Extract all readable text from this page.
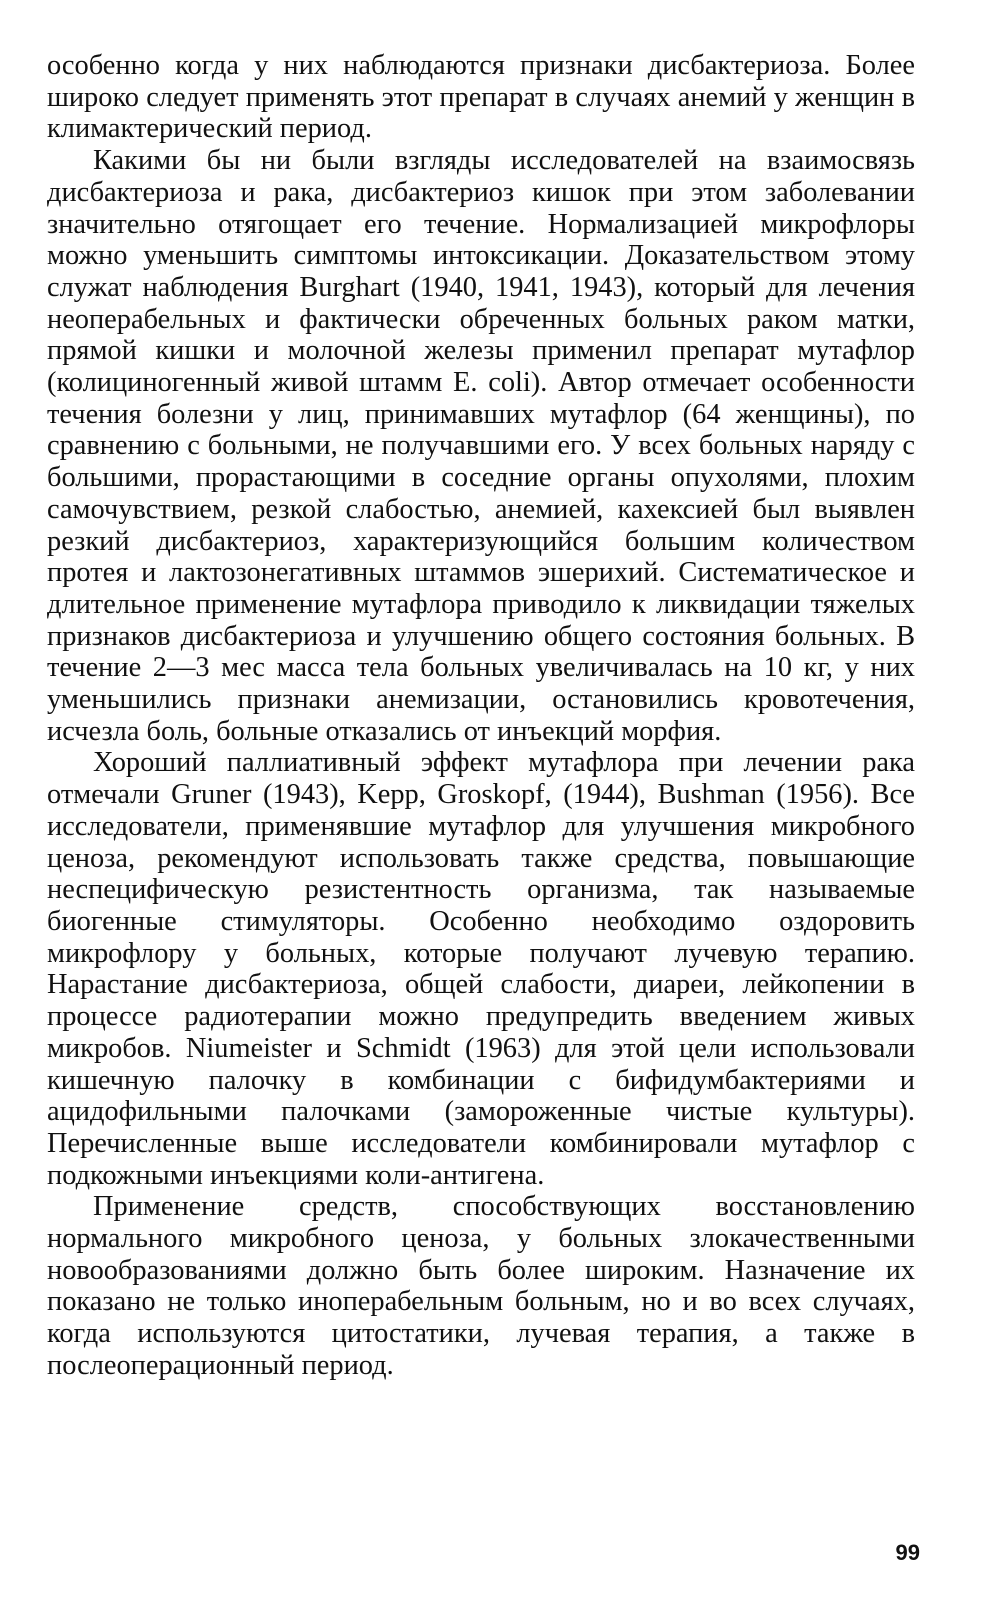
особенно когда у них наблюдаются признаки дисбактериоза. Более широко следует применять этот препарат в случаях анемий у женщин в климактерический период.

Какими бы ни были взгляды исследователей на взаимосвязь дисбактериоза и рака, дисбактериоз кишок при этом заболевании значительно отягощает его течение. Нормализацией микрофлоры можно уменьшить симптомы интоксикации. Доказательством этому служат наблюдения Burghart (1940, 1941, 1943), который для лечения неоперабельных и фактически обреченных больных раком матки, прямой кишки и молочной железы применил препарат мутафлор (колициногенный живой штамм E. coli). Автор отмечает особенности течения болезни у лиц, принимавших мутафлор (64 женщины), по сравнению с больными, не получавшими его. У всех больных наряду с большими, прорастающими в соседние органы опухолями, плохим самочувствием, резкой слабостью, анемией, кахексией был выявлен резкий дисбактериоз, характеризующийся большим количеством протея и лактозонегативных штаммов эшерихий. Систематическое и длительное применение мутафлора приводило к ликвидации тяжелых признаков дисбактериоза и улучшению общего состояния больных. В течение 2—3 мес масса тела больных увеличивалась на 10 кг, у них уменьшились признаки анемизации, остановились кровотечения, исчезла боль, больные отказались от инъекций морфия.

Хороший паллиативный эффект мутафлора при лечении рака отмечали Gruner (1943), Kepp, Groskopf, (1944), Bushman (1956). Все исследователи, применявшие мутафлор для улучшения микробного ценоза, рекомендуют использовать также средства, повышающие неспецифическую резистентность организма, так называемые биогенные стимуляторы. Особенно необходимо оздоровить микрофлору у больных, которые получают лучевую терапию. Нарастание дисбактериоза, общей слабости, диареи, лейкопении в процессе радиотерапии можно предупредить введением живых микробов. Niumeister и Schmidt (1963) для этой цели использовали кишечную палочку в комбинации с бифидумбактериями и ацидофильными палочками (замороженные чистые культуры). Перечисленные выше исследователи комбинировали мутафлор с подкожными инъекциями коли-антигена.

Применение средств, способствующих восстановлению нормального микробного ценоза, у больных злокачественными новообразованиями должно быть более широким. Назначение их показано не только иноперабельным больным, но и во всех случаях, когда используются цитостатики, лучевая терапия, а также в послеоперационный период.

99
